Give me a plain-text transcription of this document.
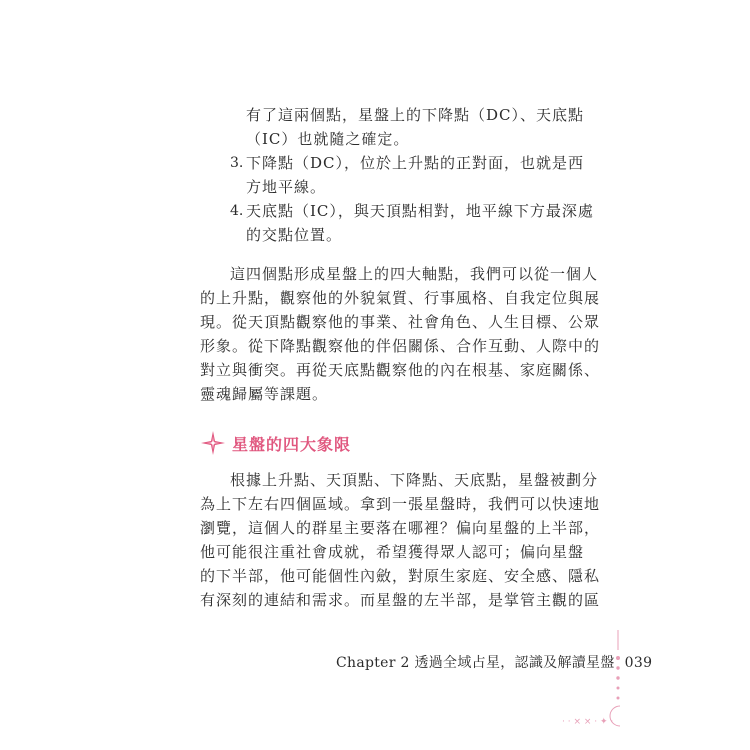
有了這兩個點，星盤上的下降點（DC）、天底點
（IC）也就隨之確定。
3. 下降點（DC），位於上升點的正對面，也就是西
方地平線。
4. 天底點（IC），與天頂點相對，地平線下方最深處
的交點位置。
這四個點形成星盤上的四大軸點，我們可以從一個人
的上升點，觀察他的外貌氣質、行事風格、自我定位與展
現。從天頂點觀察他的事業、社會角色、人生目標、公眾
形象。從下降點觀察他的伴侶關係、合作互動、人際中的
對立與衝突。再從天底點觀察他的內在根基、家庭關係、
靈魂歸屬等課題。
星盤的四大象限
根據上升點、天頂點、下降點、天底點，星盤被劃分
為上下左右四個區域。拿到一張星盤時，我們可以快速地
瀏覽，這個人的群星主要落在哪裡？偏向星盤的上半部，
他可能很注重社會成就，希望獲得眾人認可；偏向星盤
的下半部，他可能個性內斂，對原生家庭、安全感、隱私
有深刻的連結和需求。而星盤的左半部，是掌管主觀的區
Chapter 2 透過全域占星，認識及解讀星盤 039
· · × × · ✦ ·
